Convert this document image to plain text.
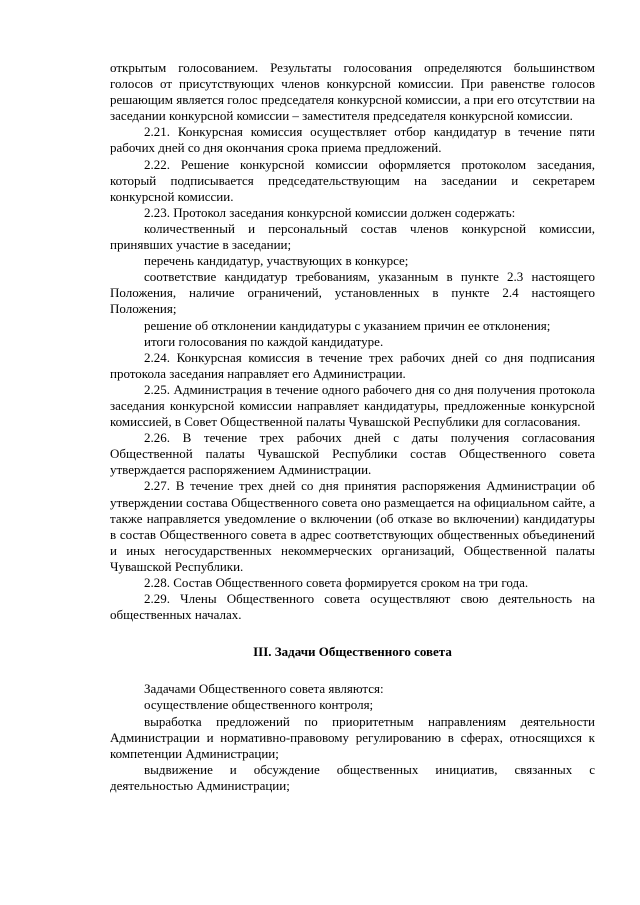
открытым голосованием. Результаты голосования определяются большинством голосов от присутствующих членов конкурсной комиссии. При равенстве голосов решающим является голос председателя конкурсной комиссии, а при его отсутствии на заседании конкурсной комиссии – заместителя председателя конкурсной комиссии.

2.21. Конкурсная комиссия осуществляет отбор кандидатур в течение пяти рабочих дней со дня окончания срока приема предложений.

2.22. Решение конкурсной комиссии оформляется протоколом заседания, который подписывается председательствующим на заседании и секретарем конкурсной комиссии.

2.23. Протокол заседания конкурсной комиссии должен содержать:

количественный и персональный состав членов конкурсной комиссии, принявших участие в заседании;

перечень кандидатур, участвующих в конкурсе;

соответствие кандидатур требованиям, указанным в пункте 2.3 настоящего Положения, наличие ограничений, установленных в пункте 2.4 настоящего Положения;

решение об отклонении кандидатуры с указанием причин ее отклонения;

итоги голосования по каждой кандидатуре.

2.24. Конкурсная комиссия в течение трех рабочих дней со дня подписания протокола заседания направляет его Администрации.

2.25. Администрация в течение одного рабочего дня со дня получения протокола заседания конкурсной комиссии направляет кандидатуры, предложенные конкурсной комиссией, в Совет Общественной палаты Чувашской Республики для согласования.

2.26. В течение трех рабочих дней с даты получения согласования Общественной палаты Чувашской Республики состав Общественного совета утверждается распоряжением Администрации.

2.27. В течение трех дней со дня принятия распоряжения Администрации об утверждении состава Общественного совета оно размещается на официальном сайте, а также направляется уведомление о включении (об отказе во включении) кандидатуры в состав Общественного совета в адрес соответствующих общественных объединений и иных негосударственных некоммерческих организаций, Общественной палаты Чувашской Республики.

2.28. Состав Общественного совета формируется сроком на три года.

2.29. Члены Общественного совета осуществляют свою деятельность на общественных началах.

III. Задачи Общественного совета

Задачами Общественного совета являются:

осуществление общественного контроля;

выработка предложений по приоритетным направлениям деятельности Администрации и нормативно-правовому регулированию в сферах, относящихся к компетенции Администрации;

выдвижение и обсуждение общественных инициатив, связанных с деятельностью Администрации;
